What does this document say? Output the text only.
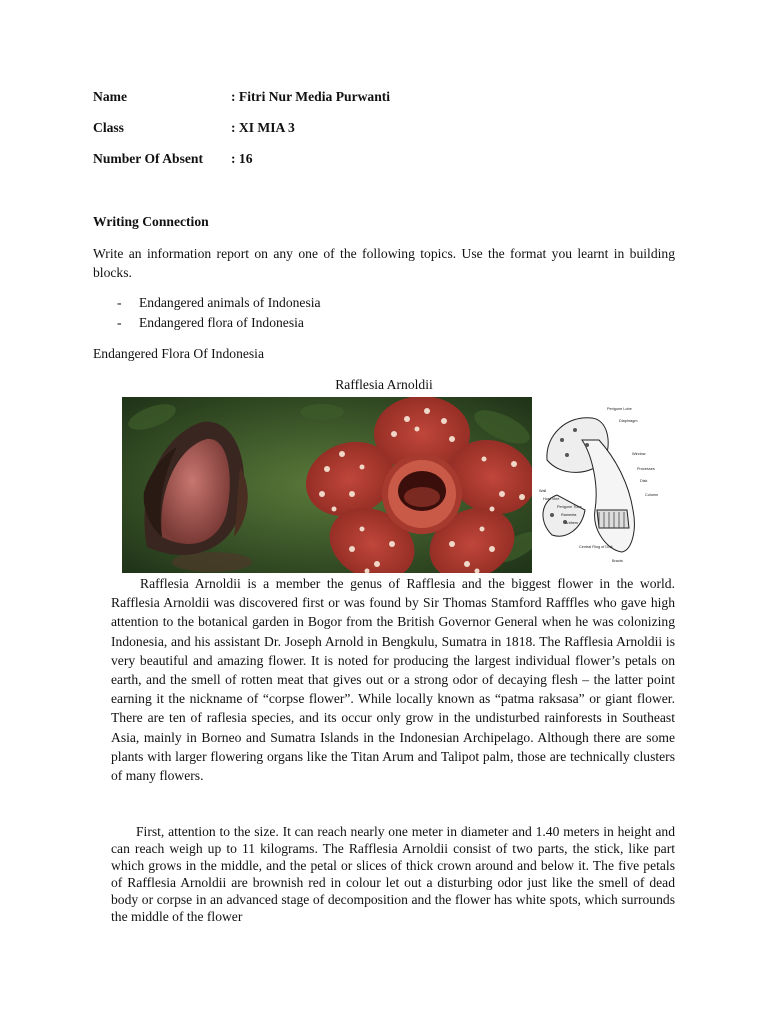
Name	: Fitri Nur Media Purwanti
Class	: XI MIA 3
Number Of Absent : 16
Writing Connection
Write an information report on any one of the following topics. Use the format you learnt in building blocks.
- Endangered animals of Indonesia
- Endangered flora of Indonesia
Endangered Flora Of Indonesia
Rafflesia Arnoldii
Perigone Lobe
Diaphragm
Window
Processes
Disk
Column
Wall
Host Vine
Perigone Tube
Ramenta
Anthers
Central Ring of Disk
Bracts
Rafflesia Arnoldii is a member the genus of Rafflesia and the biggest flower in the world. Rafflesia Arnoldii was discovered first or was found by Sir Thomas Stamford Rafffles who gave high attention to the botanical garden in Bogor from the British Governor General when he was colonizing Indonesia, and his assistant Dr. Joseph Arnold in Bengkulu, Sumatra in 1818. The Rafflesia Arnoldii is very beautiful and amazing flower. It is noted for producing the largest individual flower’s petals on earth, and the smell of rotten meat that gives out or a strong odor of decaying flesh – the latter point earning it the nickname of “corpse flower”. While locally known as “patma raksasa” or giant flower. There are ten of raflesia species, and its occur only grow in the undisturbed rainforests in Southeast Asia, mainly in Borneo and Sumatra Islands in the Indonesian Archipelago. Although there are some plants with larger flowering organs like the Titan Arum and Talipot palm, those are technically clusters of many flowers.
First, attention to the size. It can reach nearly one meter in diameter and 1.40 meters in height and can reach weigh up to 11 kilograms. The Rafflesia Arnoldii consist of two parts, the stick, like part which grows in the middle, and the petal or slices of thick crown around and below it. The five petals of Rafflesia Arnoldii are brownish red in colour let out a disturbing odor just like the smell of dead body or corpse in an advanced stage of decomposition and the flower has white spots, which surrounds the middle of the flower
